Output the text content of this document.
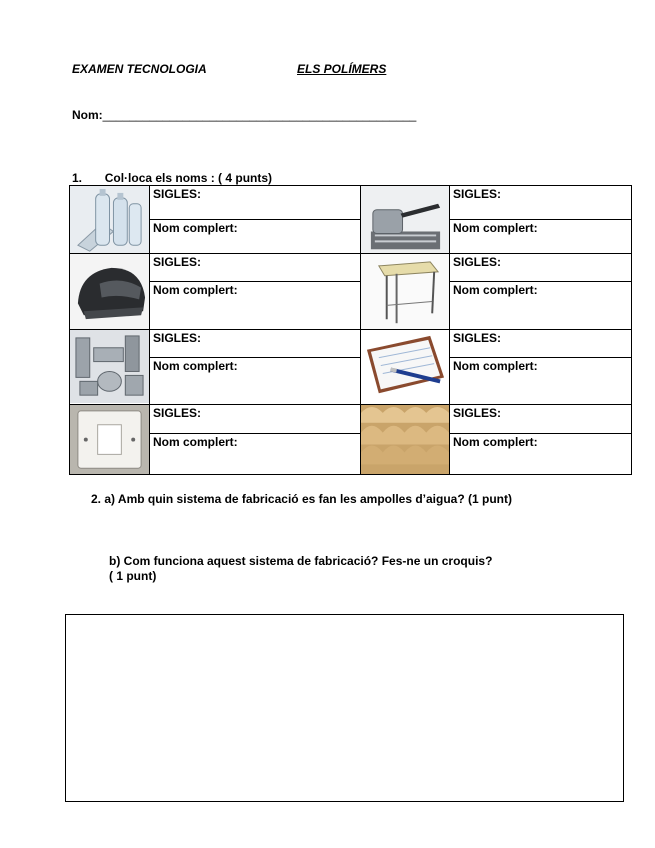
EXAMEN TECNOLOGIA	ELS POLÍMERS
Nom:_______________________________________________
1. Col·loca els noms : ( 4 punts)
	SIGLES:		SIGLES:
	Nom complert:		Nom complert:

	SIGLES:		SIGLES:
	Nom complert:		Nom complert:

	SIGLES:		SIGLES:
	Nom complert:		Nom complert:

	SIGLES:		SIGLES:
	Nom complert:		Nom complert:
2. a) Amb quin sistema de fabricació es fan les ampolles d’aigua? (1 punt)
b) Com funciona aquest sistema de fabricació? Fes-ne un croquis?
( 1 punt)
